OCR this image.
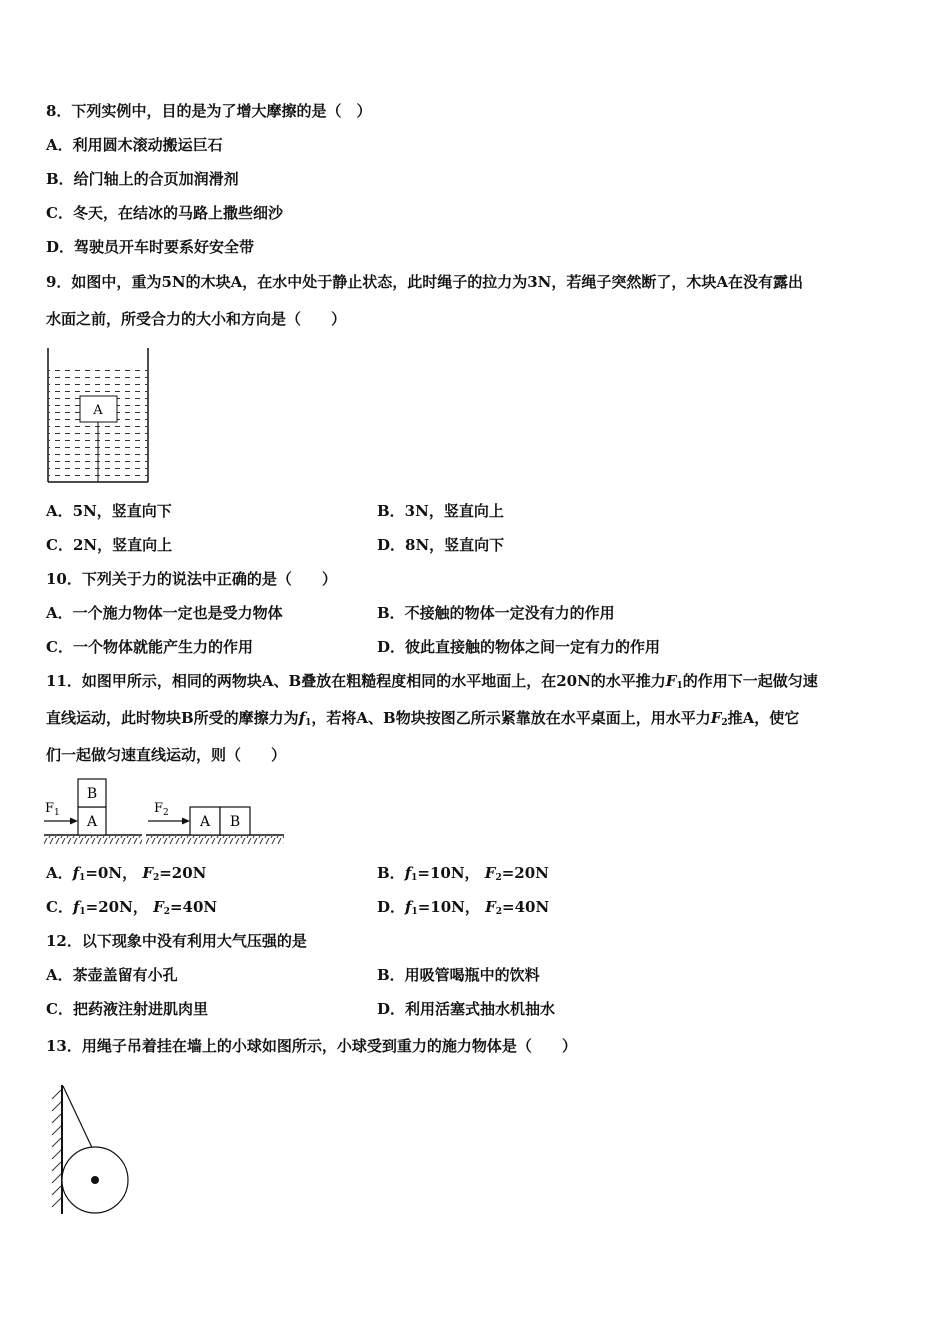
8．下列实例中，目的是为了增大摩擦的是（　）
A．利用圆木滚动搬运巨石
B．给门轴上的合页加润滑剂
C．冬天，在结冰的马路上撒些细沙
D．驾驶员开车时要系好安全带
9．如图中，重为5N的木块A，在水中处于静止状态，此时绳子的拉力为3N，若绳子突然断了，木块A在没有露出
水面之前，所受合力的大小和方向是（　　）
A
A．5N，竖直向下	B．3N，竖直向上
C．2N，竖直向上	D．8N，竖直向下
10．下列关于力的说法中正确的是（　　）
A．一个施力物体一定也是受力物体	B．不接触的物体一定没有力的作用
C．一个物体就能产生力的作用	D．彼此直接触的物体之间一定有力的作用
11．如图甲所示，相同的两物块A、B叠放在粗糙程度相同的水平地面上，在20N的水平推力$F_1$的作用下一起做匀速
直线运动，此时物块B所受的摩擦力为$f_1$，若将A、B物块按图乙所示紧靠放在水平桌面上，用水平力$F_2$推A，使它
们一起做匀速直线运动，则（　　）
A
B
$F_1$
A B
$F_2$
A．$f_1=0N$， $F_2=20N$	B．$f_1=10N$， $F_2=20N$
C．$f_1=20N$， $F_2=40N$	D．$f_1=10N$， $F_2=40N$
12．以下现象中没有利用大气压强的是
A．茶壶盖留有小孔	B．用吸管喝瓶中的饮料
C．把药液注射进肌肉里	D．利用活塞式抽水机抽水
13．用绳子吊着挂在墙上的小球如图所示，小球受到重力的施力物体是（　　）
